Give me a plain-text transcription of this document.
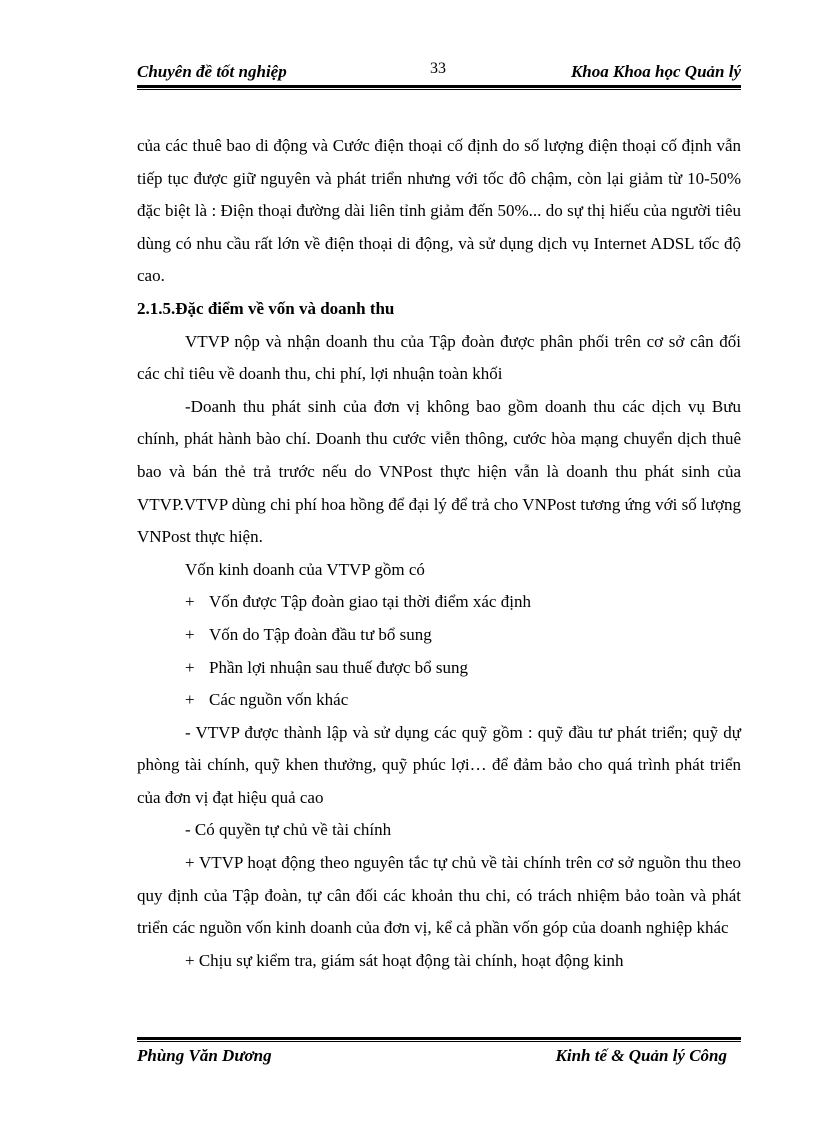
Chuyên đề tốt nghiệp	33	Khoa Khoa học Quản lý

của các thuê bao di động và Cước điện thoại cố định do số lượng điện thoại cố định vẫn tiếp tục được giữ nguyên và phát triển nhưng với tốc đô chậm, còn lại giảm từ 10-50% đặc biệt là : Điện thoại đường dài liên tỉnh giảm đến 50%... do sự thị hiếu của người tiêu dùng có nhu cầu rất lớn về điện thoại di động, và sử dụng dịch vụ Internet ADSL tốc độ cao.

2.1.5.Đặc điểm về vốn và doanh thu

VTVP nộp và nhận doanh thu của Tập đoàn được phân phối trên cơ sở cân đối các chỉ tiêu về doanh thu, chi phí, lợi nhuận toàn khối

-Doanh thu phát sinh của đơn vị không bao gồm doanh thu các dịch vụ Bưu chính, phát hành bào chí. Doanh thu cước viễn thông, cước hòa mạng chuyển dịch thuê bao và bán thẻ trả trước nếu do VNPost thực hiện vẫn là doanh thu phát sinh của VTVP.VTVP dùng chi phí hoa hồng để đại lý để trả cho VNPost tương ứng với số lượng VNPost thực hiện.

Vốn kinh doanh của VTVP gồm có

+ Vốn được Tập đoàn giao tại thời điểm xác định

+ Vốn do Tập đoàn đầu tư bổ sung

+ Phần lợi nhuận sau thuế được bổ sung

+ Các nguồn vốn khác

- VTVP được thành lập và sử dụng các quỹ gồm : quỹ đầu tư phát triển; quỹ dự phòng tài chính, quỹ khen thưởng, quỹ phúc lợi… để đảm bảo cho quá trình phát triển của đơn vị đạt hiệu quả cao

- Có quyền tự chủ về tài chính

+ VTVP hoạt động theo nguyên tắc tự chủ về tài chính trên cơ sở nguồn thu theo quy định của Tập đoàn, tự cân đối các khoản thu chi, có trách nhiệm bảo toàn và phát triển các nguồn vốn kinh doanh của đơn vị, kể cả phần vốn góp của doanh nghiệp khác

+ Chịu sự kiểm tra, giám sát hoạt động tài chính, hoạt động kinh

Phùng Văn Dương	Kinh tế & Quản lý Công
